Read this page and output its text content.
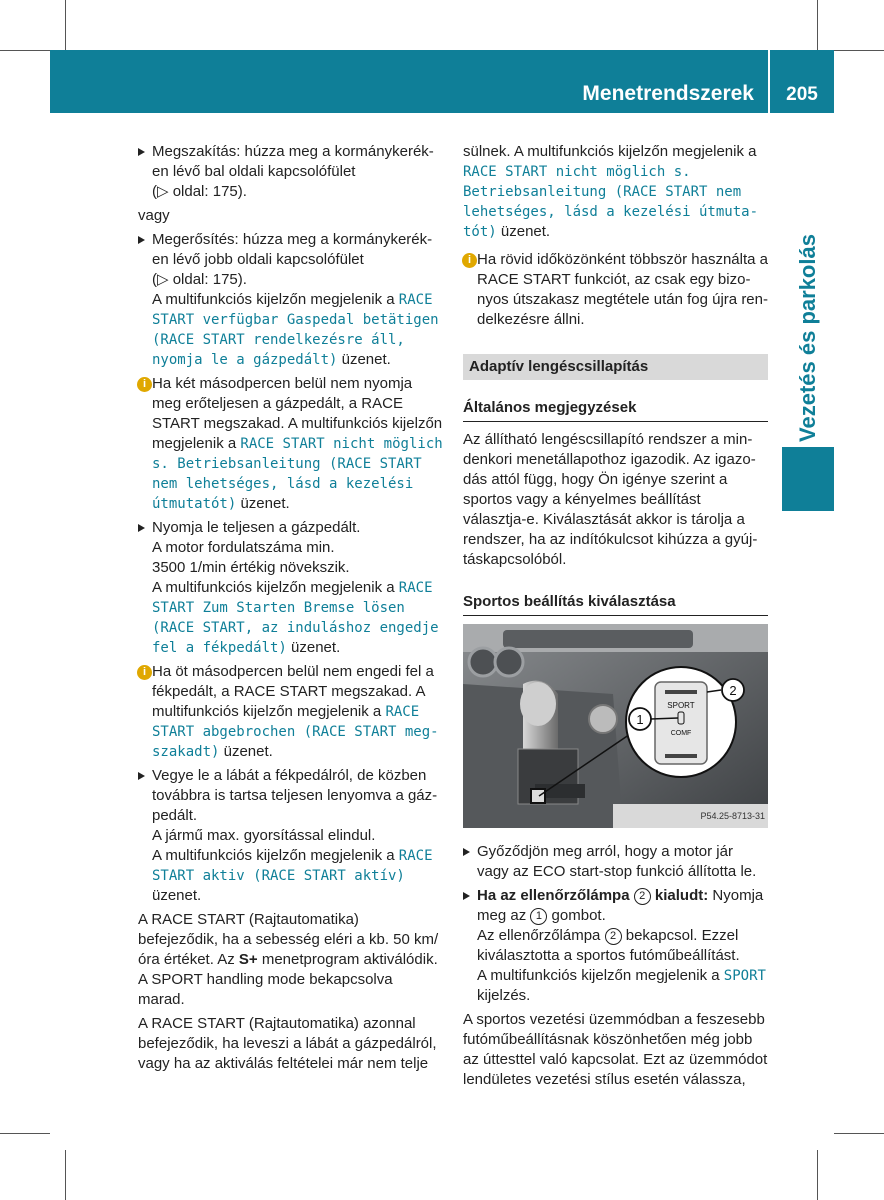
Menetrendszerek	205
Vezetés és parkolás
Megszakítás: húzza meg a kormánykeréken lévő bal oldali kapcsolófület
(▷ oldal: 175).
vagy
Megerősítés: húzza meg a kormánykeréken lévő jobb oldali kapcsolófület
(▷ oldal: 175).
A multifunkciós kijelzőn megjelenik a RACE START verfügbar Gaspedal betätigen (RACE START rendelkezésre áll, nyomja le a gázpedált) üzenet.
i Ha két másodpercen belül nem nyomja meg erőteljesen a gázpedált, a RACE START megszakad. A multifunkciós kijelzőn megjelenik a RACE START nicht möglich s. Betriebsanleitung (RACE START nem lehetséges, lásd a kezelési útmutatót) üzenet.
Nyomja le teljesen a gázpedált.
A motor fordulatszáma min.
3500 1/min értékig növekszik.
A multifunkciós kijelzőn megjelenik a RACE START Zum Starten Bremse lösen (RACE START, az induláshoz engedje fel a fékpedált) üzenet.
i Ha öt másodpercen belül nem engedi fel a fékpedált, a RACE START megszakad. A multifunkciós kijelzőn megjelenik a RACE START abgebrochen (RACE START megszakadt) üzenet.
Vegye le a lábát a fékpedálról, de közben továbbra is tartsa teljesen lenyomva a gázpedált.
A jármű max. gyorsítással elindul.
A multifunkciós kijelzőn megjelenik a RACE START aktiv (RACE START aktív) üzenet.
A RACE START (Rajtautomatika) befejeződik, ha a sebesség eléri a kb. 50 km/óra értéket. Az S+ menetprogram aktiválódik. A SPORT handling mode bekapcsolva marad.
A RACE START (Rajtautomatika) azonnal befejeződik, ha leveszi a lábát a gázpedálról, vagy ha az aktiválás feltételei már nem telje
sülnek. A multifunkciós kijelzőn megjelenik a RACE START nicht möglich s. Betriebsanleitung (RACE START nem lehetséges, lásd a kezelési útmutatót) üzenet.
i Ha rövid időközönként többször használta a RACE START funkciót, az csak egy bizonyos útszakasz megtétele után fog újra rendelkezésre állni.
Adaptív lengéscsillapítás
Általános megjegyzések
Az állítható lengéscsillapító rendszer a mindenkori menetállapothoz igazodik. Az igazodás attól függ, hogy Ön igénye szerint a sportos vagy a kényelmes beállítást választja-e. Kiválasztását akkor is tárolja a rendszer, ha az indítókulcsot kihúzza a gyújtáskapcsolóból.
Sportos beállítás kiválasztása
SPORT
COMF
2
1
P54.25-8713-31
Győződjön meg arról, hogy a motor jár vagy az ECO start-stop funkció állította le.
Ha az ellenőrzőlámpa 2 kialudt: Nyomja meg az 1 gombot.
Az ellenőrzőlámpa 2 bekapcsol. Ezzel kiválasztotta a sportos futóműbeállítást.
A multifunkciós kijelzőn megjelenik a SPORT kijelzés.
A sportos vezetési üzemmódban a feszesebb futóműbeállításnak köszönhetően még jobb az úttesttel való kapcsolat. Ezt az üzemmódot lendületes vezetési stílus esetén válassza,
